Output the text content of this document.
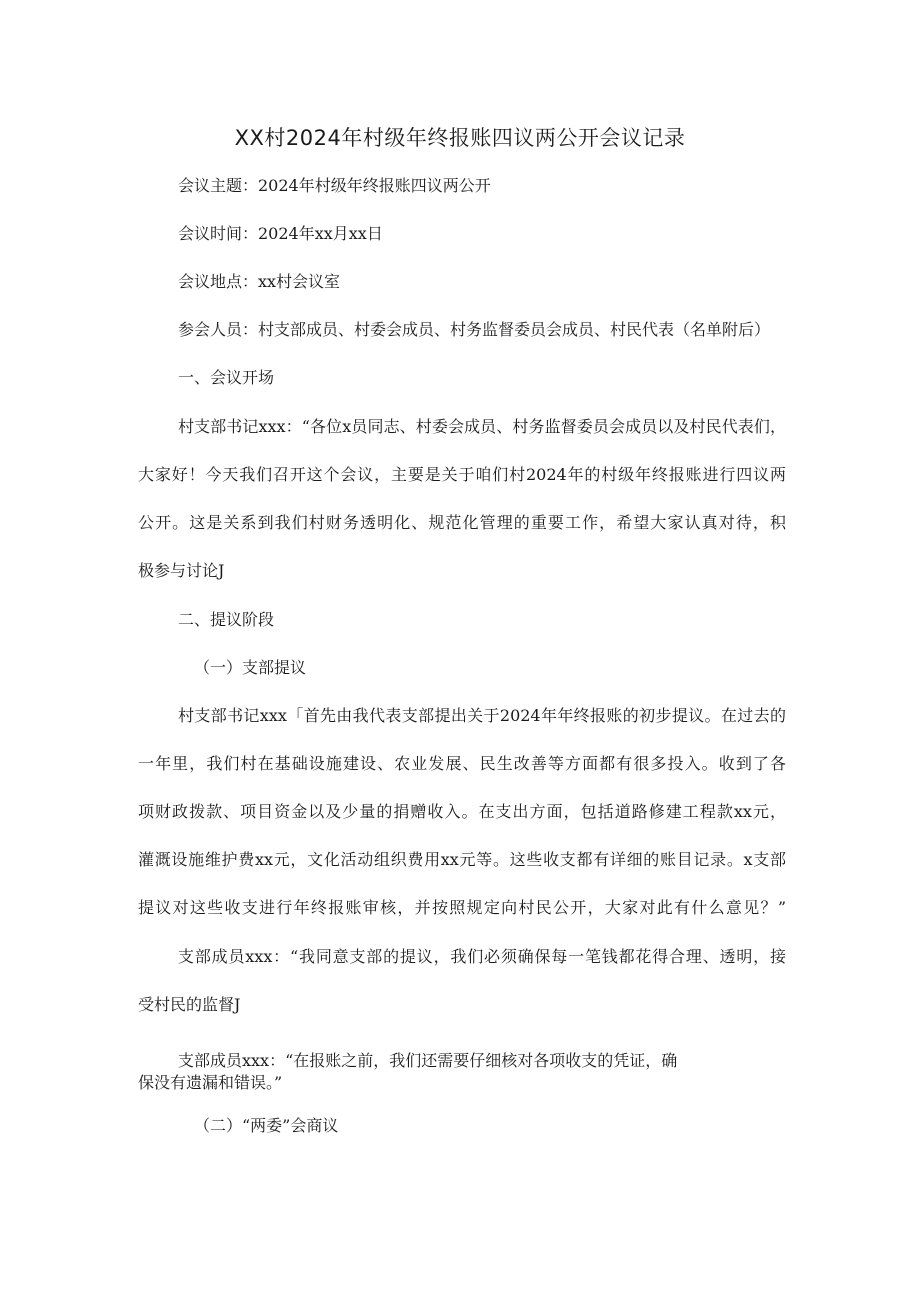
XX村2024年村级年终报账四议两公开会议记录
会议主题：2024年村级年终报账四议两公开
会议时间：2024年xx月xx日
会议地点：xx村会议室
参会人员：村支部成员、村委会成员、村务监督委员会成员、村民代表（名单附后）
一、会议开场
村支部书记xxx：“各位x员同志、村委会成员、村务监督委员会成员以及村民代表们，
大家好！今天我们召开这个会议，主要是关于咱们村2024年的村级年终报账进行四议两
公开。这是关系到我们村财务透明化、规范化管理的重要工作，希望大家认真对待，积
极参与讨论J
二、提议阶段
（一）支部提议
村支部书记xxx「首先由我代表支部提出关于2024年年终报账的初步提议。在过去的
一年里，我们村在基础设施建设、农业发展、民生改善等方面都有很多投入。收到了各
项财政拨款、项目资金以及少量的捐赠收入。在支出方面，包括道路修建工程款xx元，
灌溉设施维护费xx元，文化活动组织费用xx元等。这些收支都有详细的账目记录。x支部
提议对这些收支进行年终报账审核，并按照规定向村民公开，大家对此有什么意见？”
支部成员xxx：“我同意支部的提议，我们必须确保每一笔钱都花得合理、透明，接
受村民的监督J
支部成员xxx：“在报账之前，我们还需要仔细核对各项收支的凭证，确
保没有遗漏和错误。”
（二）“两委”会商议
